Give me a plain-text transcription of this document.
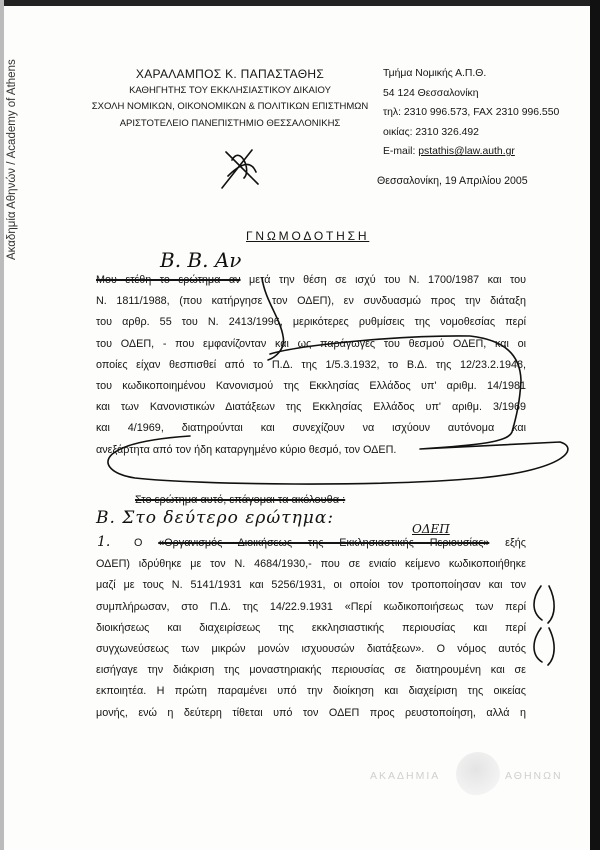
Ακαδημία Αθηνών / Academy of Athens	ΧΑΡΑΛΑΜΠΟΣ Κ. ΠΑΠΑΣΤΑΘΗΣ
ΚΑΘΗΓΗΤΗΣ ΤΟΥ ΕΚΚΛΗΣΙΑΣΤΙΚΟΥ ΔΙΚΑΙΟΥ
ΣΧΟΛΗ ΝΟΜΙΚΩΝ, ΟΙΚΟΝΟΜΙΚΩΝ & ΠΟΛΙΤΙΚΩΝ ΕΠΙΣΤΗΜΩΝ
ΑΡΙΣΤΟΤΕΛΕΙΟ ΠΑΝΕΠΙΣΤΗΜΙΟ ΘΕΣΣΑΛΟΝΙΚΗΣ
Τμήμα Νομικής Α.Π.Θ.
54 124 Θεσσαλονίκη
τηλ: 2310 996.573, FAX 2310 996.550
οικίας: 2310 326.492
E-mail: pstathis@law.auth.gr
Θεσσαλονίκη, 19 Απριλίου 2005
ΓΝΩΜΟΔΟΤΗΣΗ
Μου ετέθη το ερώτημα αν μετά την θέση σε ισχύ του Ν. 1700/1987 και του
Ν. 1811/1988, (που κατήργησε τον ΟΔΕΠ), εν συνδυασμώ προς την διάταξη
του αρθρ. 55 του Ν. 2413/1996, μερικότερες ρυθμίσεις της νομοθεσίας περί
του ΟΔΕΠ, - που εμφανίζονταν και ως παράγωγες του θεσμού ΟΔΕΠ, και οι
οποίες είχαν θεσπισθεί από το Π.Δ. της 1/5.3.1932, το Β.Δ. της 12/23.2.1948,
του κωδικοποιημένου Κανονισμού της Εκκλησίας Ελλάδος υπ' αριθμ. 14/1981
και των Κανονιστικών Διατάξεων της Εκκλησίας Ελλάδος υπ' αριθμ. 3/1969
και 4/1969, διατηρούνται και συνεχίζουν να ισχύουν αυτόνομα και
ανεξάρτητα από τον ήδη καταργημένο κύριο θεσμό, τον ΟΔΕΠ.
Στο ερώτημα αυτό, επάγομαι τα ακόλουθα :
Ο «Οργανισμός Διοικήσεως της Εκκλησιαστικής Περιουσίας» εξής
ΟΔΕΠ) ιδρύθηκε με τον Ν. 4684/1930,- που σε ενιαίο κείμενο κωδικοποιήθηκε
μαζί με τους Ν. 5141/1931 και 5256/1931, οι οποίοι τον τροποποίησαν και τον
συμπλήρωσαν, στο Π.Δ. της 14/22.9.1931 «Περί κωδικοποιήσεως των περί
διοικήσεως και διαχειρίσεως της εκκλησιαστικής περιουσίας και περί
συγχωνεύσεως των μικρών μονών ισχυουσών διατάξεων». Ο νόμος αυτός
εισήγαγε την διάκριση της μοναστηριακής περιουσίας σε διατηρουμένη και σε
εκποιητέα. Η πρώτη παραμένει υπό την διοίκηση και διαχείριση της οικείας
μονής, ενώ η δεύτερη τίθεται υπό τον ΟΔΕΠ προς ρευστοποίηση, αλλά η
Β. Β. Αν
Β. Στο δεύτερο ερώτημα:
ΟΔΕΠ
1.
ΑΚΑΔΗΜΙΑ	ΑΘΗΝΩΝ
